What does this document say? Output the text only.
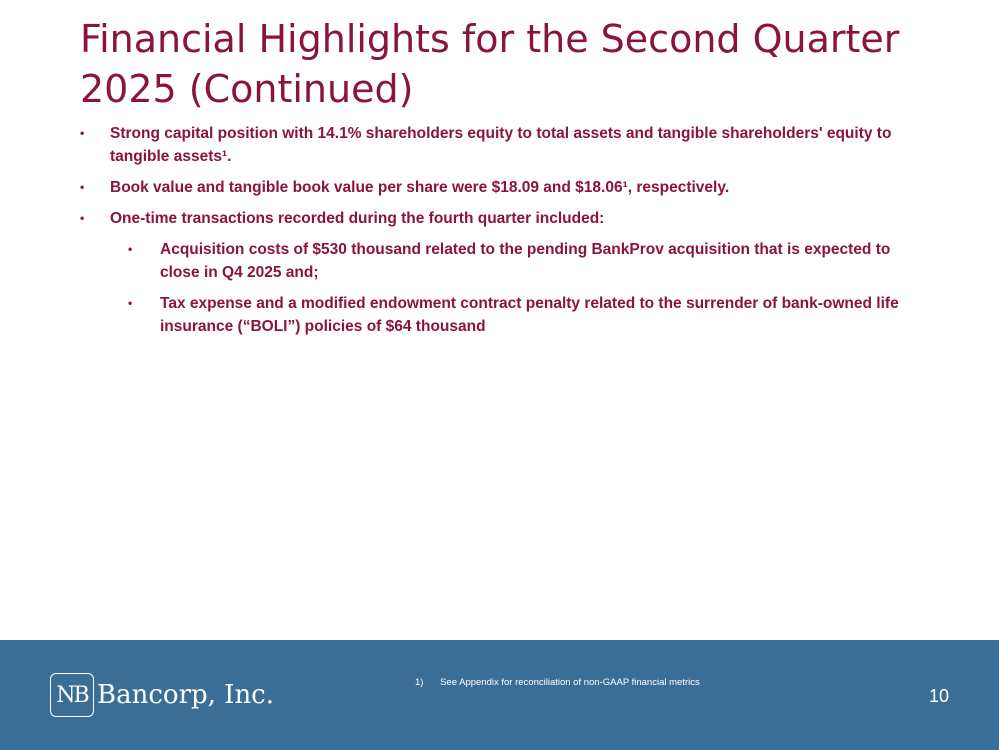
Financial Highlights for the Second Quarter 2025 (Continued)
• Strong capital position with 14.1% shareholders equity to total assets and tangible shareholders' equity to tangible assets¹.
• Book value and tangible book value per share were $18.09 and $18.06¹, respectively.
• One-time transactions recorded during the fourth quarter included:
• Acquisition costs of $530 thousand related to the pending BankProv acquisition that is expected to close in Q4 2025 and;
• Tax expense and a modified endowment contract penalty related to the surrender of bank-owned life insurance (“BOLI”) policies of $64 thousand
NB Bancorp, Inc.	1) See Appendix for reconciliation of non-GAAP financial metrics
10
